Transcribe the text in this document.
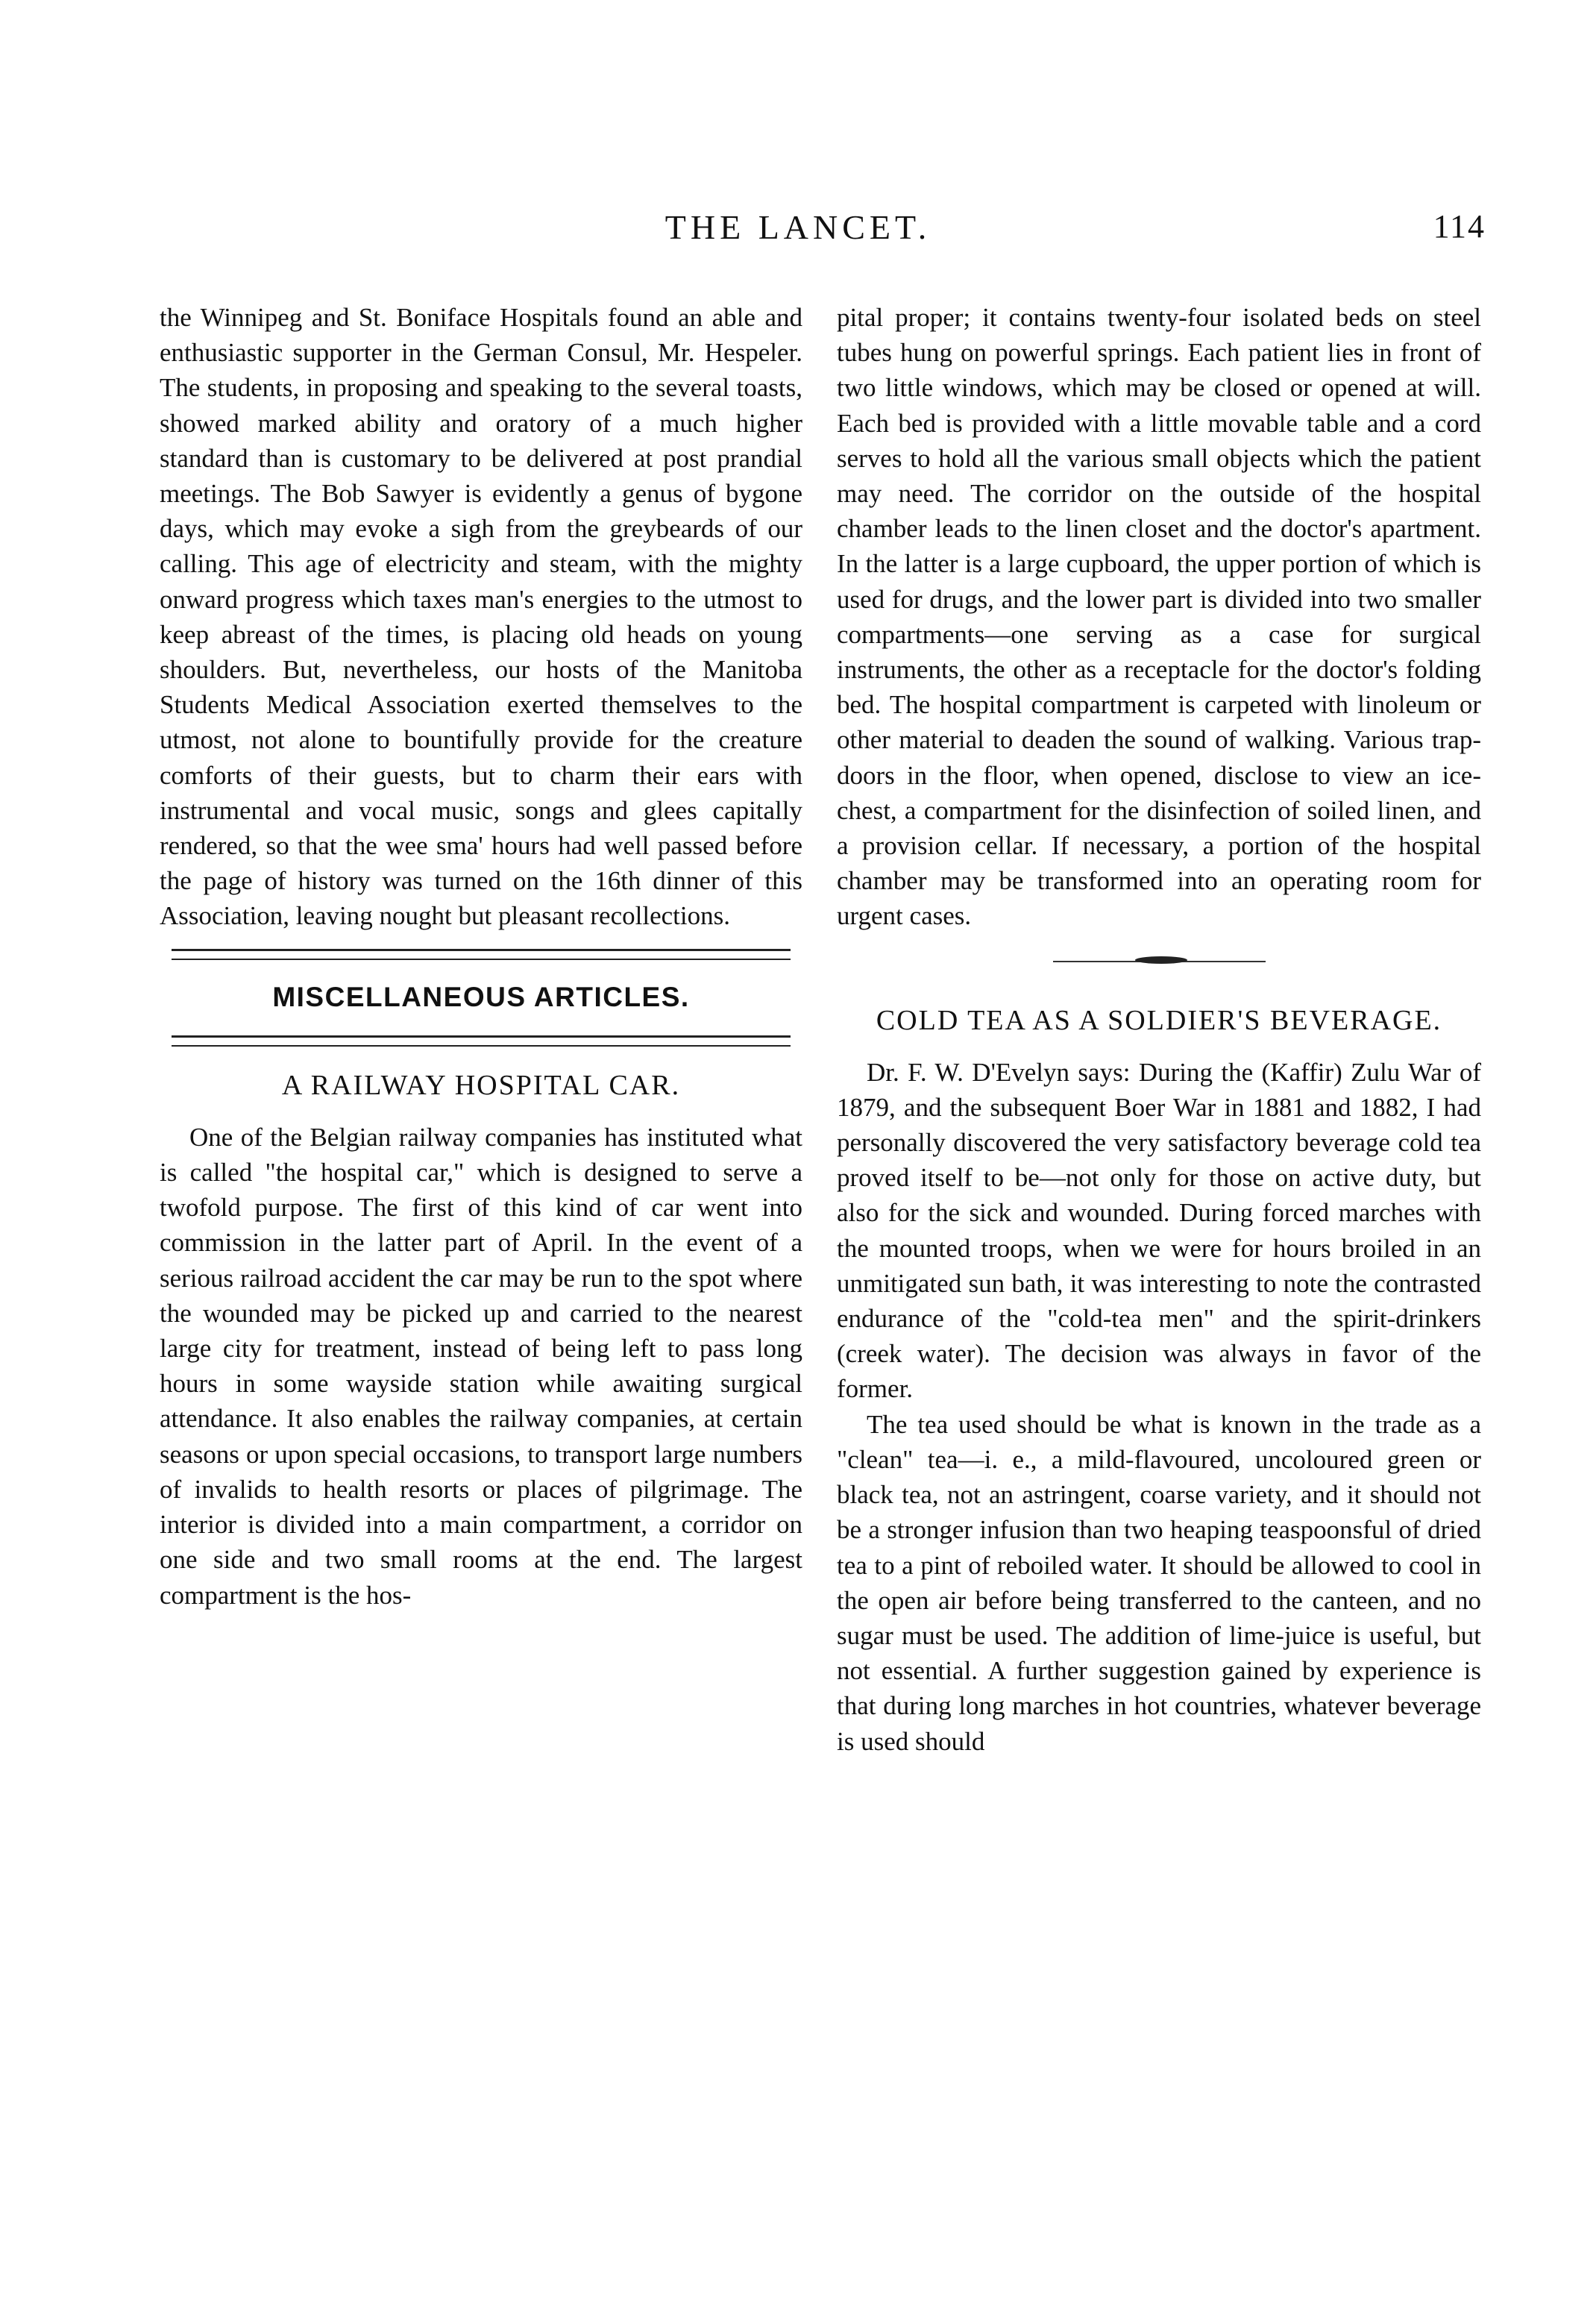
THE LANCET.	114

the Winnipeg and St. Boniface Hospitals found an able and enthusiastic supporter in the German Consul, Mr. Hespeler. The students, in proposing and speaking to the several toasts, showed marked ability and oratory of a much higher standard than is customary to be delivered at post prandial meetings. The Bob Sawyer is evidently a genus of bygone days, which may evoke a sigh from the greybeards of our calling. This age of electricity and steam, with the mighty onward progress which taxes man's energies to the utmost to keep abreast of the times, is placing old heads on young shoulders. But, nevertheless, our hosts of the Manitoba Students Medical Association exerted themselves to the utmost, not alone to bountifully provide for the creature comforts of their guests, but to charm their ears with instrumental and vocal music, songs and glees capitally rendered, so that the wee sma' hours had well passed before the page of history was turned on the 16th dinner of this Association, leaving nought but pleasant recollections.

MISCELLANEOUS ARTICLES.
A RAILWAY HOSPITAL CAR.

One of the Belgian railway companies has instituted what is called "the hospital car," which is designed to serve a twofold purpose. The first of this kind of car went into commission in the latter part of April. In the event of a serious railroad accident the car may be run to the spot where the wounded may be picked up and carried to the nearest large city for treatment, instead of being left to pass long hours in some wayside station while awaiting surgical attendance. It also enables the railway companies, at certain seasons or upon special occasions, to transport large numbers of invalids to health resorts or places of pilgrimage. The interior is divided into a main compartment, a corridor on one side and two small rooms at the end. The largest compartment is the hos-

pital proper; it contains twenty-four isolated beds on steel tubes hung on powerful springs. Each patient lies in front of two little windows, which may be closed or opened at will. Each bed is provided with a little movable table and a cord serves to hold all the various small objects which the patient may need. The corridor on the outside of the hospital chamber leads to the linen closet and the doctor's apartment. In the latter is a large cupboard, the upper portion of which is used for drugs, and the lower part is divided into two smaller compartments—one serving as a case for surgical instruments, the other as a receptacle for the doctor's folding bed. The hospital compartment is carpeted with linoleum or other material to deaden the sound of walking. Various trap-doors in the floor, when opened, disclose to view an ice-chest, a compartment for the disinfection of soiled linen, and a provision cellar. If necessary, a portion of the hospital chamber may be transformed into an operating room for urgent cases.

COLD TEA AS A SOLDIER'S BEVERAGE.

Dr. F. W. D'Evelyn says: During the (Kaffir) Zulu War of 1879, and the subsequent Boer War in 1881 and 1882, I had personally discovered the very satisfactory beverage cold tea proved itself to be—not only for those on active duty, but also for the sick and wounded. During forced marches with the mounted troops, when we were for hours broiled in an unmitigated sun bath, it was interesting to note the contrasted endurance of the "cold-tea men" and the spirit-drinkers (creek water). The decision was always in favor of the former.

The tea used should be what is known in the trade as a "clean" tea—i. e., a mild-flavoured, uncoloured green or black tea, not an astringent, coarse variety, and it should not be a stronger infusion than two heaping teaspoonsful of dried tea to a pint of reboiled water. It should be allowed to cool in the open air before being transferred to the canteen, and no sugar must be used. The addition of lime-juice is useful, but not essential. A further suggestion gained by experience is that during long marches in hot countries, whatever beverage is used should
